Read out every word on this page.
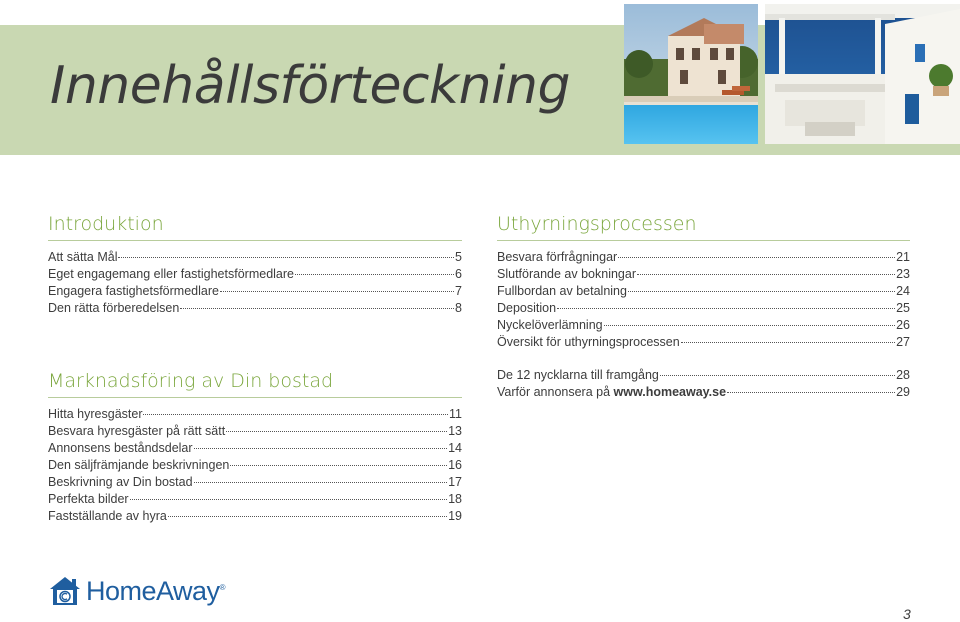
Innehållsförteckning
Introduktion
Att sätta Mål	5
Eget engagemang eller fastighetsförmedlare	6
Engagera fastighetsförmedlare	7
Den rätta förberedelsen	8
Marknadsföring av Din bostad
Hitta hyresgäster	11
Besvara hyresgäster på rätt sätt	13
Annonsens beståndsdelar	14
Den säljfrämjande beskrivningen	16
Beskrivning av Din bostad	17
Perfekta bilder	18
Fastställande av hyra	19
Uthyrningsprocessen
Besvara förfrågningar	21
Slutförande av bokningar	23
Fullbordan av betalning	24
Deposition	25
Nyckelöverlämning	26
Översikt för uthyrningsprocessen	27
De 12 nycklarna till framgång	28
Varför annonsera på www.homeaway.se	29
HomeAway®
3
